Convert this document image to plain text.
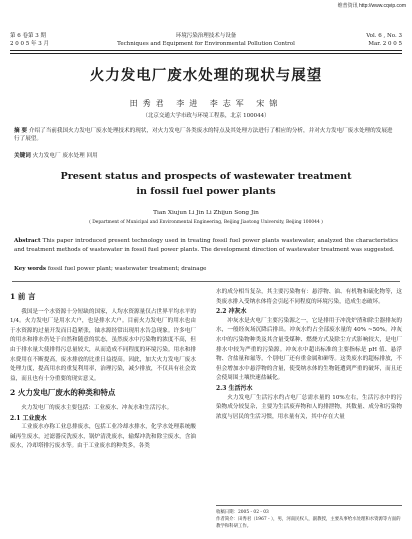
维普资讯 http://www.cqvip.com
第 6 卷第 3 期
2 0 0 5 年 3 月
环境污染治理技术与设备
Techniques and Equipment for Environmental Pollution Control
Vol. 6 , No. 3
Mar. 2 0 0 5
火力发电厂废水处理的现状与展望
田秀君 李进 李志军 宋锦
（北京交通大学市政与环境工程系，北京 100044）
摘 要 介绍了当前我国火力发电厂废水处理技术的现状，对火力发电厂各类废水的特点及其处理方法进行了相应的分析，并对火力发电厂废水处理的发展进行了展望。
关键词 火力发电厂 废水处理 回用
Present status and prospects of wastewater treatment
in fossil fuel power plants
Tian Xiujun Li Jin Li Zhijun Song Jin
( Department of Municipal and Environmental Engineering, Beijing Jiaotong University, Beijing 100044 )
Abstract This paper introduced present technology used in treating fossil fuel power plants wastewater, analyzed the characteristics and treatment methods of wastewater in fossil fuel power plants. The development direction of wastewater treatment was suggested.
Key words fossil fuel power plant; wastewater treatment; drainage
1 前 言

我国是一个水资源十分短缺的国家，人均水资源量仅占世界平均水平的 1/4。火力发电厂是用水大户，也是排水大户。目前火力发电厂的用水也由于水资源的过量开发而日趋紧张，铀水源经常出现用水告急现象。许多电厂的用水和排水仍处于自然和随意的状态，虽然废水中污染物的浓度不高，但由于排水量大使排得污总量较大，从而造成不同程度的环境污染。用水和排水费用在不断提高，废水排放的比重日益提高。因此，加大火力发电厂废水处理力度，提高用水的重复利用率，治理污染，减少排放，不仅具有社会效益，而且也有十分重要的现实意义。

2 火力发电厂废水的种类和特点

火力发电厂的废水主要包括：工业废水、冲灰水和生活污水。

2.1 工业废水

工业废水亦称工业总排废水，包括工业冷却水排水，化学水处理系统酸碱再生废水，过滤器反洗废水，锅炉清洗废水，输煤冲洗和除尘废水，含油废水，冷却塔排污废水等。由于工业废水的种类多，各类

水的成分相当复杂，其主要污染物有：悬浮物、油、有机物和硫化物等，这类废水排入受纳水体将会引起不同程度的环境污染，造成生态破坏。

2.2 冲灰水

冲灰水是火电厂主要污染源之一，它是排用于冲洗炉渣和除尘器排灰的水，一般经灰场沉降后排出。冲灰水约占全部废水量的 40% ~50%。冲灰水中的污染物种类及其含量受煤种、燃烧方式及除尘方式影响较大，是电厂排水中较为严重的污染源。冲灰水中超出标准的主要指标是 pH 值、悬浮物、含盐量和氟等，个别电厂还有重金属和砷等。这类废水的超标排放，不但会增加水中悬浮物的含量，使受纳水体的生物链遭到严重的破坏，而且还会使周围土壤快速盐碱化。

2.3 生活污水

火力发电厂生活污水约占电厂总需水量的 10%左右，生活污水中的污染物成分较复杂，主要为生活废弃物和人的排泄物，其数量、成分和污染物浓度与居民的生活习惯，用水量有关，其中存在大量

收稿日期：2005 - 02 - 03
作者简介：田秀君（1967 - ），男，河南民权人，副教授，主要从事给水处理和水资源等方面的教学和科研工作。
